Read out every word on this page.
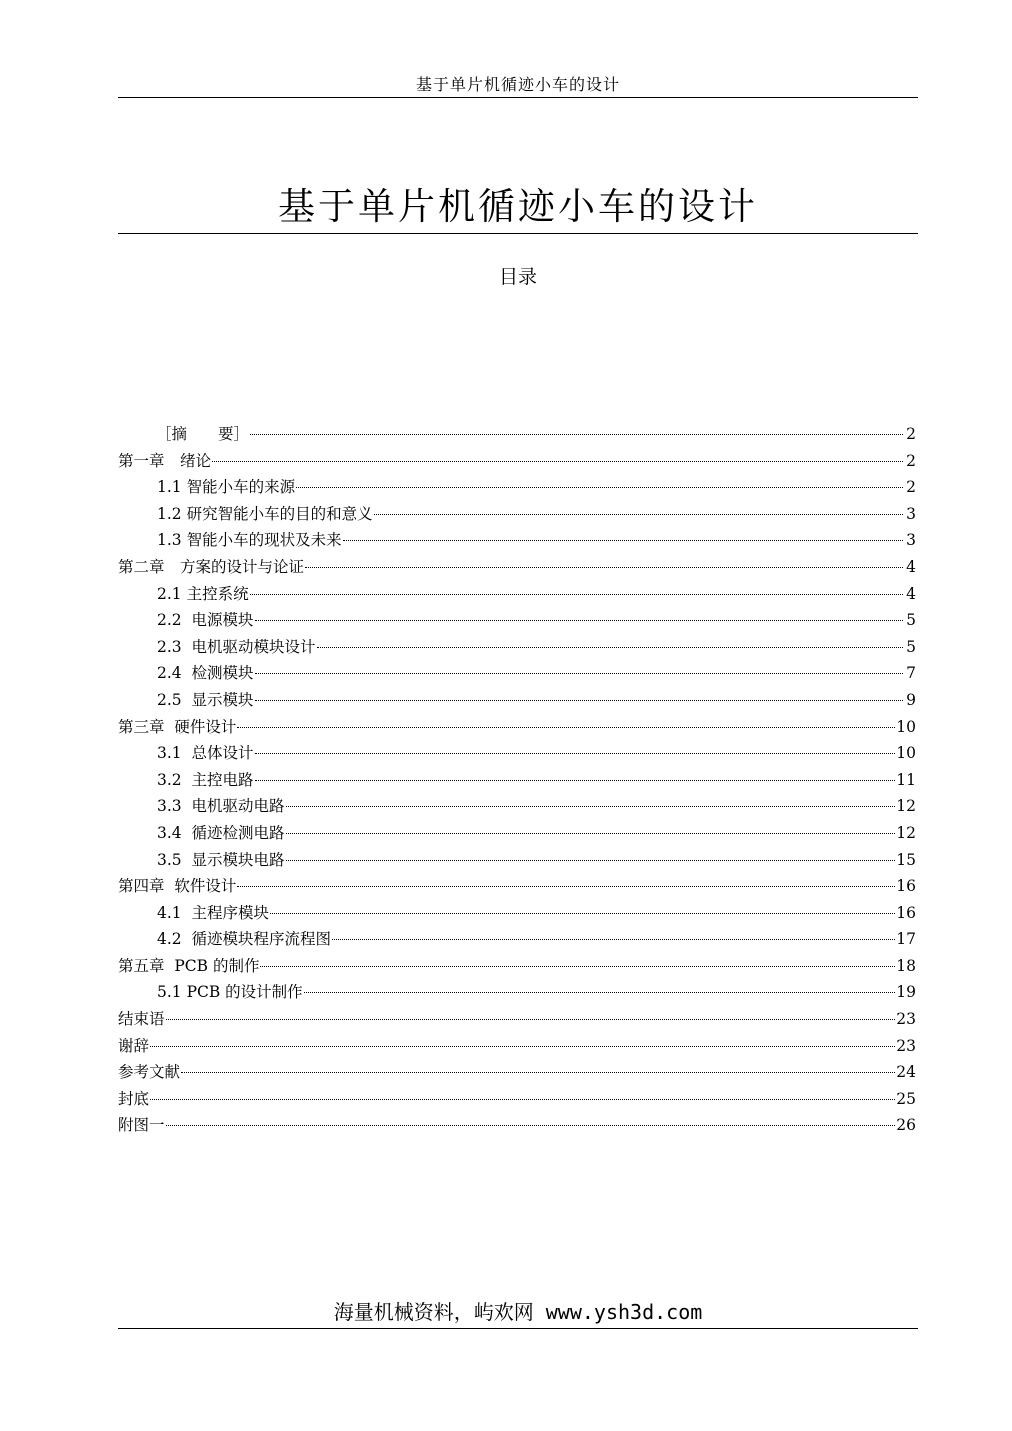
基于单片机循迹小车的设计
基于单片机循迹小车的设计
目录
［摘　　要］	2
第一章　绪论	2
1.1 智能小车的来源	2
1.2 研究智能小车的目的和意义	3
1.3 智能小车的现状及未来	3
第二章　方案的设计与论证	4
2.1 主控系统	4
2.2  电源模块	5
2.3  电机驱动模块设计	5
2.4  检测模块	7
2.5  显示模块	9
第三章  硬件设计	10
3.1  总体设计	10
3.2  主控电路	11
3.3  电机驱动电路	12
3.4  循迹检测电路	12
3.5  显示模块电路	15
第四章  软件设计	16
4.1  主程序模块	16
4.2  循迹模块程序流程图	17
第五章  PCB 的制作	18
5.1 PCB 的设计制作	19
结束语	23
谢辞	23
参考文献	24
封底	25
附图一	26
海量机械资料，屿欢网 www.ysh3d.com
